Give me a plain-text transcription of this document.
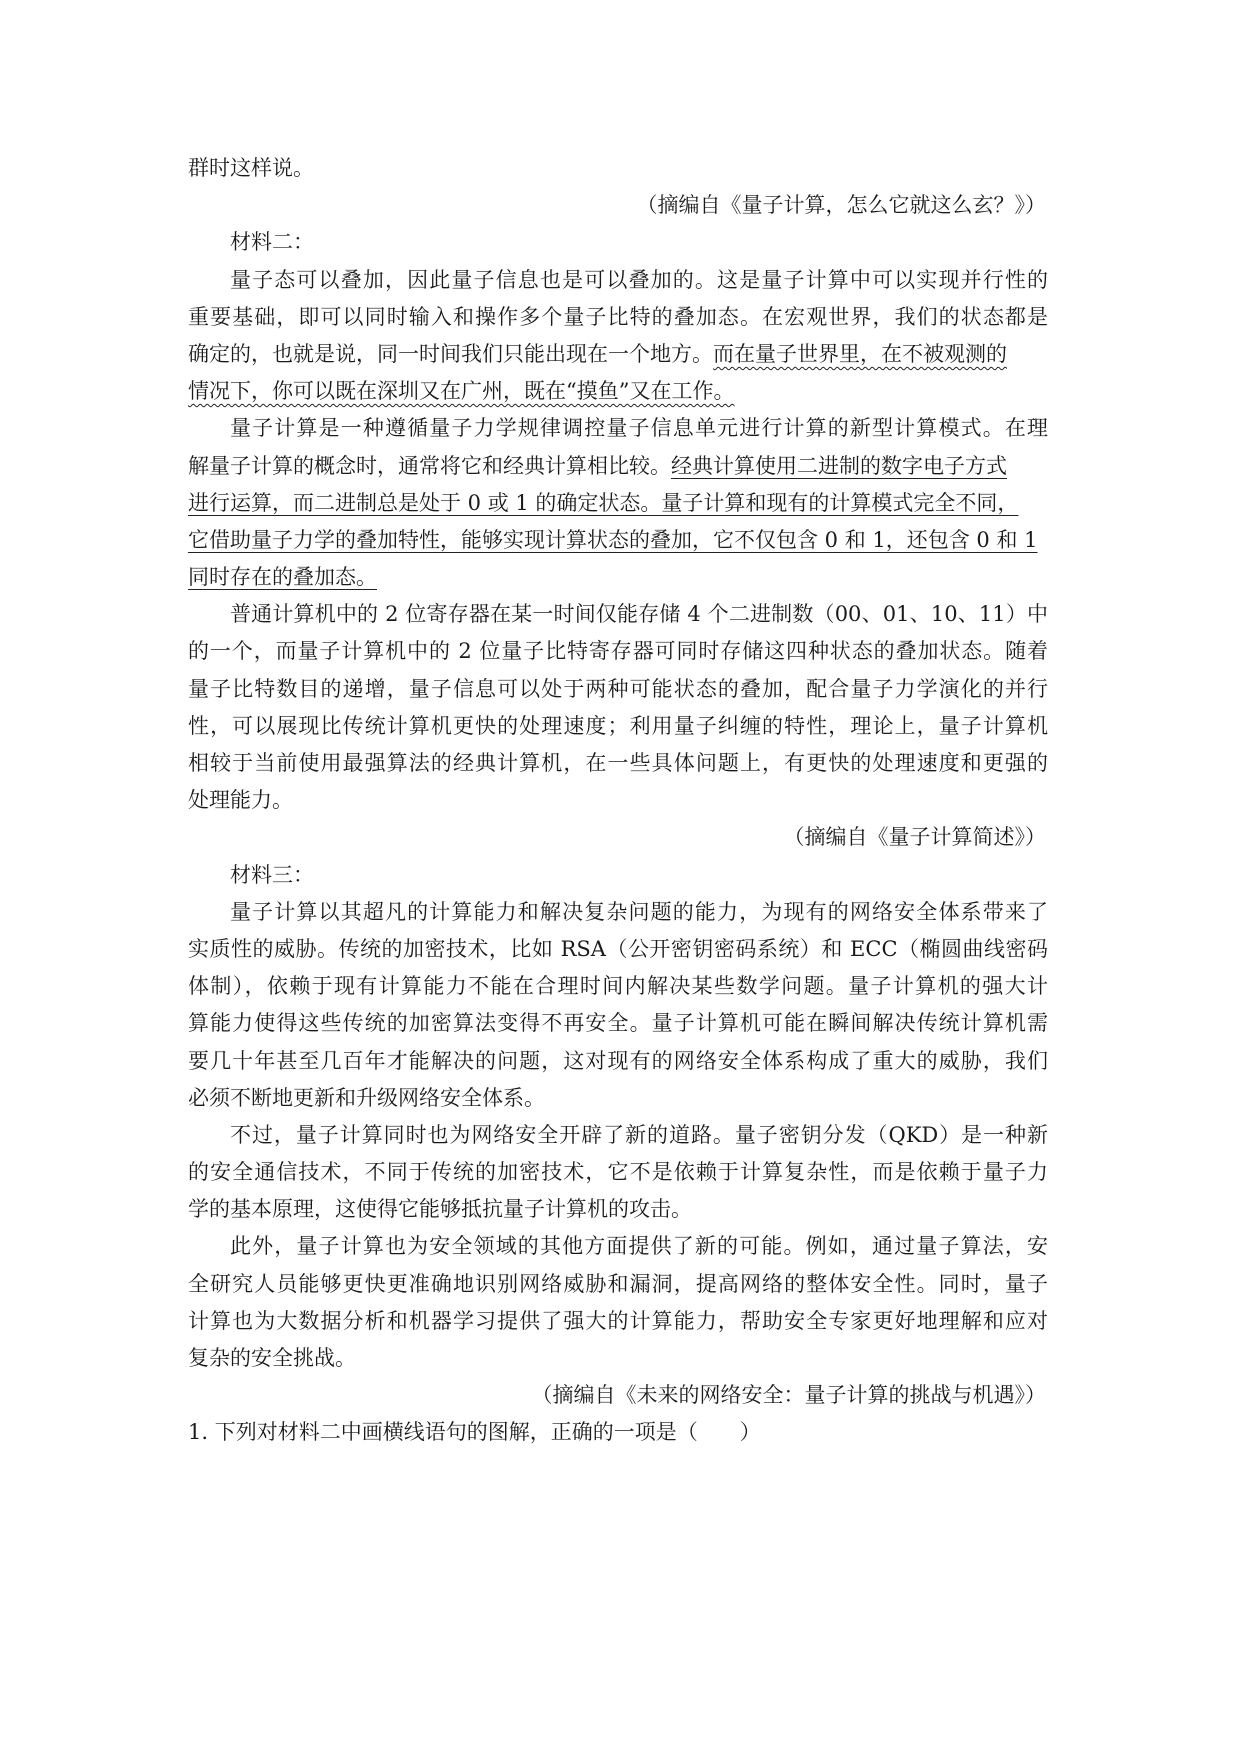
群时这样说。
（摘编自《量子计算，怎么它就这么玄？》）
材料二：
量子态可以叠加，因此量子信息也是可以叠加的。这是量子计算中可以实现并行性的
重要基础，即可以同时输入和操作多个量子比特的叠加态。在宏观世界，我们的状态都是
确定的，也就是说，同一时间我们只能出现在一个地方。而在量子世界里，在不被观测的
情况下，你可以既在深圳又在广州，既在“摸鱼”又在工作。
量子计算是一种遵循量子力学规律调控量子信息单元进行计算的新型计算模式。在理
解量子计算的概念时，通常将它和经典计算相比较。经典计算使用二进制的数字电子方式
进行运算，而二进制总是处于 0 或 1 的确定状态。量子计算和现有的计算模式完全不同，
它借助量子力学的叠加特性，能够实现计算状态的叠加，它不仅包含 0 和 1，还包含 0 和 1
同时存在的叠加态。
普通计算机中的 2 位寄存器在某一时间仅能存储 4 个二进制数（00、01、10、11）中
的一个，而量子计算机中的 2 位量子比特寄存器可同时存储这四种状态的叠加状态。随着
量子比特数目的递增，量子信息可以处于两种可能状态的叠加，配合量子力学演化的并行
性，可以展现比传统计算机更快的处理速度；利用量子纠缠的特性，理论上，量子计算机
相较于当前使用最强算法的经典计算机，在一些具体问题上，有更快的处理速度和更强的
处理能力。
（摘编自《量子计算简述》）
材料三：
量子计算以其超凡的计算能力和解决复杂问题的能力，为现有的网络安全体系带来了
实质性的威胁。传统的加密技术，比如 RSA（公开密钥密码系统）和 ECC（椭圆曲线密码
体制），依赖于现有计算能力不能在合理时间内解决某些数学问题。量子计算机的强大计
算能力使得这些传统的加密算法变得不再安全。量子计算机可能在瞬间解决传统计算机需
要几十年甚至几百年才能解决的问题，这对现有的网络安全体系构成了重大的威胁，我们
必须不断地更新和升级网络安全体系。
不过，量子计算同时也为网络安全开辟了新的道路。量子密钥分发（QKD）是一种新
的安全通信技术，不同于传统的加密技术，它不是依赖于计算复杂性，而是依赖于量子力
学的基本原理，这使得它能够抵抗量子计算机的攻击。
此外，量子计算也为安全领域的其他方面提供了新的可能。例如，通过量子算法，安
全研究人员能够更快更准确地识别网络威胁和漏洞，提高网络的整体安全性。同时，量子
计算也为大数据分析和机器学习提供了强大的计算能力，帮助安全专家更好地理解和应对
复杂的安全挑战。
（摘编自《未来的网络安全：量子计算的挑战与机遇》）
1. 下列对材料二中画横线语句的图解，正确的一项是（　　）
